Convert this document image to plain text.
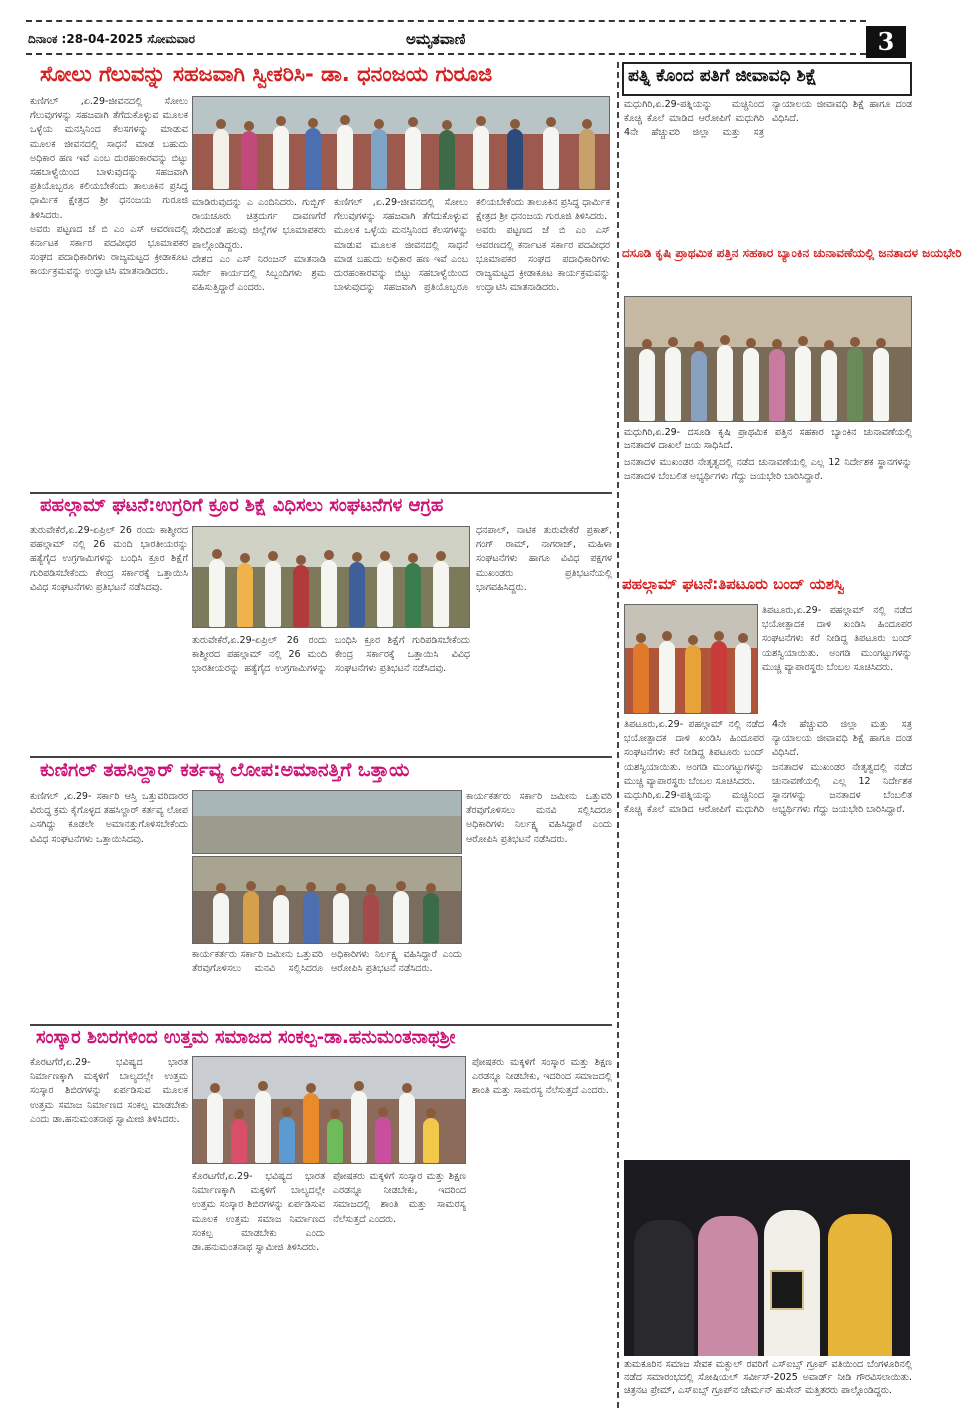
ದಿನಾಂಕ :28-04-2025 ಸೋಮವಾರ	ಅಮೃತವಾಣಿ	3
ಸೋಲು ಗೆಲುವನ್ನು ಸಹಜವಾಗಿ ಸ್ವೀಕರಿಸಿ- ಡಾ. ಧನಂಜಯ ಗುರೂಜಿ

ಕುಣಿಗಲ್ ,ಏ.29-ಜೀವನದಲ್ಲಿ ಸೋಲು ಗೆಲುವುಗಳನ್ನು ಸಹಜವಾಗಿ ತೆಗೆದುಕೊಳ್ಳುವ ಮೂಲಕ ಒಳ್ಳೆಯ ಮನಸ್ಸಿನಿಂದ ಕೆಲಸಗಳನ್ನು ಮಾಡುವ ಮೂಲಕ ಜೀವನದಲ್ಲಿ ಸಾಧನೆ ಮಾಡ ಬಹುದು ಅಧಿಕಾರ ಹಣ ಇವೆ ಎಂಬ ದುರಹಂಕಾರವನ್ನು ಬಿಟ್ಟು ಸಹಬಾಳ್ವೆಯಿಂದ ಬಾಳುವುದನ್ನು ಸಹಜವಾಗಿ ಪ್ರತಿಯೊಬ್ಬರೂ ಕಲಿಯಬೇಕೆಂದು ತಾಲೂಕಿನ ಪ್ರಸಿದ್ಧ ಧಾರ್ಮಿಕ ಕ್ಷೇತ್ರದ ಶ್ರೀ ಧನಂಜಯ ಗುರೂಜಿ ತಿಳಿಸಿದರು.

ಅವರು ಪಟ್ಟಣದ ಜೆ ಬಿ ಎಂ ಎಸ್ ಆವರಣದಲ್ಲಿ ಕರ್ನಾಟಕ ಸರ್ಕಾರ ಪದವೀಧರ ಭೂಮಾಪಕರ ಸಂಘದ ಪದಾಧಿಕಾರಿಗಳು ರಾಜ್ಯಮಟ್ಟದ ಕ್ರೀಡಾಕೂಟ ಕಾರ್ಯಕ್ರಮವನ್ನು ಉದ್ಘಾಟಿಸಿ ಮಾತನಾಡಿದರು.

ಮಾಡಿರುವುದನ್ನು ಎ ಎಂದಿನಿದರು. ಗುಬ್ಬಿಗ್ ರಾಯಚೂರು ಚಿತ್ರದುರ್ಗ ದಾವಣಗೆರೆ ಸೇರಿದಂತೆ ಹಲವು ಜಿಲ್ಲೆಗಳ ಭೂಮಾಪಕರು ಪಾಲ್ಗೊಂಡಿದ್ದರು.

ದೇಶದ ಎಂ ಎಸ್ ನಿರಂಜನ್ ಮಾತನಾಡಿ ಸರ್ವೇ ಕಾರ್ಯದಲ್ಲಿ ಸಿಬ್ಬಂದಿಗಳು ಶ್ರಮ ವಹಿಸುತ್ತಿದ್ದಾರೆ ಎಂದರು.

ಕುಣಿಗಲ್ ,ಏ.29-ಜೀವನದಲ್ಲಿ ಸೋಲು ಗೆಲುವುಗಳನ್ನು ಸಹಜವಾಗಿ ತೆಗೆದುಕೊಳ್ಳುವ ಮೂಲಕ ಒಳ್ಳೆಯ ಮನಸ್ಸಿನಿಂದ ಕೆಲಸಗಳನ್ನು ಮಾಡುವ ಮೂಲಕ ಜೀವನದಲ್ಲಿ ಸಾಧನೆ ಮಾಡ ಬಹುದು ಅಧಿಕಾರ ಹಣ ಇವೆ ಎಂಬ ದುರಹಂಕಾರವನ್ನು ಬಿಟ್ಟು ಸಹಬಾಳ್ವೆಯಿಂದ ಬಾಳುವುದನ್ನು ಸಹಜವಾಗಿ ಪ್ರತಿಯೊಬ್ಬರೂ ಕಲಿಯಬೇಕೆಂದು ತಾಲೂಕಿನ ಪ್ರಸಿದ್ಧ ಧಾರ್ಮಿಕ ಕ್ಷೇತ್ರದ ಶ್ರೀ ಧನಂಜಯ ಗುರೂಜಿ ತಿಳಿಸಿದರು.

ಅವರು ಪಟ್ಟಣದ ಜೆ ಬಿ ಎಂ ಎಸ್ ಆವರಣದಲ್ಲಿ ಕರ್ನಾಟಕ ಸರ್ಕಾರ ಪದವೀಧರ ಭೂಮಾಪಕರ ಸಂಘದ ಪದಾಧಿಕಾರಿಗಳು ರಾಜ್ಯಮಟ್ಟದ ಕ್ರೀಡಾಕೂಟ ಕಾರ್ಯಕ್ರಮವನ್ನು ಉದ್ಘಾಟಿಸಿ ಮಾತನಾಡಿದರು.

ಪಹಲ್ಗಾಮ್ ಘಟನೆ:ಉಗ್ರರಿಗೆ ಕ್ರೂರ ಶಿಕ್ಷೆ ವಿಧಿಸಲು ಸಂಘಟನೆಗಳ ಆಗ್ರಹ

ತುರುವೇಕೆರೆ,ಏ.29-ಏಪ್ರಿಲ್ 26 ರಂದು ಕಾಶ್ಮೀರದ ಪಹಲ್ಗಾಮ್ ನಲ್ಲಿ 26 ಮಂದಿ ಭಾರತೀಯರನ್ನು ಹತ್ಯೆಗೈದ ಉಗ್ರಗಾಮಿಗಳನ್ನು ಬಂಧಿಸಿ ಕ್ರೂರ ಶಿಕ್ಷೆಗೆ ಗುರಿಪಡಿಸಬೇಕೆಂದು ಕೇಂದ್ರ ಸರ್ಕಾರಕ್ಕೆ ಒತ್ತಾಯಿಸಿ ವಿವಿಧ ಸಂಘಟನೆಗಳು ಪ್ರತಿಭಟನೆ ನಡೆಸಿದವು.

ಧನಪಾಲ್, ನಾಟಿಕ ತುರುವೇಕೆರೆ ಪ್ರಕಾಶ್, ಗಂಗ್ ರಾಮ್, ನಾಗರಾಜ್, ಮಹಿಳಾ ಸಂಘಟನೆಗಳು ಹಾಗೂ ವಿವಿಧ ಪಕ್ಷಗಳ ಮುಖಂಡರು ಪ್ರತಿಭಟನೆಯಲ್ಲಿ ಭಾಗವಹಿಸಿದ್ದರು.

ತುರುವೇಕೆರೆ,ಏ.29-ಏಪ್ರಿಲ್ 26 ರಂದು ಕಾಶ್ಮೀರದ ಪಹಲ್ಗಾಮ್ ನಲ್ಲಿ 26 ಮಂದಿ ಭಾರತೀಯರನ್ನು ಹತ್ಯೆಗೈದ ಉಗ್ರಗಾಮಿಗಳನ್ನು ಬಂಧಿಸಿ ಕ್ರೂರ ಶಿಕ್ಷೆಗೆ ಗುರಿಪಡಿಸಬೇಕೆಂದು ಕೇಂದ್ರ ಸರ್ಕಾರಕ್ಕೆ ಒತ್ತಾಯಿಸಿ ವಿವಿಧ ಸಂಘಟನೆಗಳು ಪ್ರತಿಭಟನೆ ನಡೆಸಿದವು.

ಕುಣಿಗಲ್ ತಹಸಿಲ್ದಾರ್ ಕರ್ತವ್ಯ ಲೋಪ:ಅಮಾನತ್ತಿಗೆ ಒತ್ತಾಯ

ಕುಣಿಗಲ್ ,ಏ.29- ಸರ್ಕಾರಿ ಆಸ್ತಿ ಒತ್ತುವರಿದಾರರ ವಿರುದ್ಧ ಕ್ರಮ ಕೈಗೊಳ್ಳದ ತಹಸಿಲ್ದಾರ್ ಕರ್ತವ್ಯ ಲೋಪ ಎಸಗಿದ್ದು ಕೂಡಲೇ ಅಮಾನತ್ತುಗೊಳಿಸಬೇಕೆಂದು ವಿವಿಧ ಸಂಘಟನೆಗಳು ಒತ್ತಾಯಿಸಿದವು.

ಕಾರ್ಯಕರ್ತರು ಸರ್ಕಾರಿ ಜಮೀನು ಒತ್ತುವರಿ ತೆರವುಗೊಳಿಸಲು ಮನವಿ ಸಲ್ಲಿಸಿದರೂ ಅಧಿಕಾರಿಗಳು ನಿರ್ಲಕ್ಷ್ಯ ವಹಿಸಿದ್ದಾರೆ ಎಂದು ಆರೋಪಿಸಿ ಪ್ರತಿಭಟನೆ ನಡೆಸಿದರು.

ಕಾರ್ಯಕರ್ತರು ಸರ್ಕಾರಿ ಜಮೀನು ಒತ್ತುವರಿ ತೆರವುಗೊಳಿಸಲು ಮನವಿ ಸಲ್ಲಿಸಿದರೂ ಅಧಿಕಾರಿಗಳು ನಿರ್ಲಕ್ಷ್ಯ ವಹಿಸಿದ್ದಾರೆ ಎಂದು ಆರೋಪಿಸಿ ಪ್ರತಿಭಟನೆ ನಡೆಸಿದರು.

ಸಂಸ್ಕಾರ ಶಿಬಿರಗಳಿಂದ ಉತ್ತಮ ಸಮಾಜದ ಸಂಕಲ್ಪ-ಡಾ.ಹನುಮಂತನಾಥಶ್ರೀ

ಕೊರಟಗೆರೆ,ಏ.29- ಭವಿಷ್ಯದ ಭಾರತ ನಿರ್ಮಾಣಕ್ಕಾಗಿ ಮಕ್ಕಳಿಗೆ ಬಾಲ್ಯದಲ್ಲೇ ಉತ್ತಮ ಸಂಸ್ಕಾರ ಶಿಬಿರಗಳನ್ನು ಏರ್ಪಡಿಸುವ ಮೂಲಕ ಉತ್ತಮ ಸಮಾಜ ನಿರ್ಮಾಣದ ಸಂಕಲ್ಪ ಮಾಡಬೇಕು ಎಂದು ಡಾ.ಹನುಮಂತನಾಥ ಸ್ವಾಮೀಜಿ ತಿಳಿಸಿದರು.

ಪೋಷಕರು ಮಕ್ಕಳಿಗೆ ಸಂಸ್ಕಾರ ಮತ್ತು ಶಿಕ್ಷಣ ಎರಡನ್ನೂ ನೀಡಬೇಕು, ಇದರಿಂದ ಸಮಾಜದಲ್ಲಿ ಶಾಂತಿ ಮತ್ತು ಸಾಮರಸ್ಯ ನೆಲೆಸುತ್ತದೆ ಎಂದರು.

ಕೊರಟಗೆರೆ,ಏ.29- ಭವಿಷ್ಯದ ಭಾರತ ನಿರ್ಮಾಣಕ್ಕಾಗಿ ಮಕ್ಕಳಿಗೆ ಬಾಲ್ಯದಲ್ಲೇ ಉತ್ತಮ ಸಂಸ್ಕಾರ ಶಿಬಿರಗಳನ್ನು ಏರ್ಪಡಿಸುವ ಮೂಲಕ ಉತ್ತಮ ಸಮಾಜ ನಿರ್ಮಾಣದ ಸಂಕಲ್ಪ ಮಾಡಬೇಕು ಎಂದು ಡಾ.ಹನುಮಂತನಾಥ ಸ್ವಾಮೀಜಿ ತಿಳಿಸಿದರು.

ಪೋಷಕರು ಮಕ್ಕಳಿಗೆ ಸಂಸ್ಕಾರ ಮತ್ತು ಶಿಕ್ಷಣ ಎರಡನ್ನೂ ನೀಡಬೇಕು, ಇದರಿಂದ ಸಮಾಜದಲ್ಲಿ ಶಾಂತಿ ಮತ್ತು ಸಾಮರಸ್ಯ ನೆಲೆಸುತ್ತದೆ ಎಂದರು.

ಪತ್ನಿ ಕೊಂದ ಪತಿಗೆ ಜೀವಾವಧಿ ಶಿಕ್ಷೆ

ಮಧುಗಿರಿ,ಏ.29-ಪತ್ನಿಯನ್ನು ಮಚ್ಚಿನಿಂದ ಕೊಚ್ಚಿ ಕೊಲೆ ಮಾಡಿದ ಆರೋಪಿಗೆ ಮಧುಗಿರಿ 4ನೇ ಹೆಚ್ಚುವರಿ ಜಿಲ್ಲಾ ಮತ್ತು ಸತ್ರ ನ್ಯಾಯಾಲಯ ಜೀವಾವಧಿ ಶಿಕ್ಷೆ ಹಾಗೂ ದಂಡ ವಿಧಿಸಿದೆ.

ದಸೂಡಿ ಕೃಷಿ ಪ್ರಾಥಮಿಕ ಪತ್ತಿನ ಸಹಕಾರ ಬ್ಯಾಂಕಿನ ಚುನಾವಣೆಯಲ್ಲಿ ಜನತಾದಳ ಜಯಭೇರಿ
ಮಧುಗಿರಿ,ಏ.29- ದಸೂಡಿ ಕೃಷಿ ಪ್ರಾಥಮಿಕ ಪತ್ತಿನ ಸಹಕಾರ ಬ್ಯಾಂಕಿನ ಚುನಾವಣೆಯಲ್ಲಿ ಜನತಾದಳ ದಾಖಲೆ ಜಯ ಸಾಧಿಸಿದೆ.

ಜನತಾದಳ ಮುಖಂಡರ ನೇತೃತ್ವದಲ್ಲಿ ನಡೆದ ಚುನಾವಣೆಯಲ್ಲಿ ಎಲ್ಲ 12 ನಿರ್ದೇಶಕ ಸ್ಥಾನಗಳನ್ನು ಜನತಾದಳ ಬೆಂಬಲಿತ ಅಭ್ಯರ್ಥಿಗಳು ಗೆದ್ದು ಜಯಭೇರಿ ಬಾರಿಸಿದ್ದಾರೆ.

ಪಹಲ್ಗಾಮ್ ಘಟನೆ:ತಿಪಟೂರು ಬಂದ್ ಯಶಸ್ವಿ

ತಿಪಟೂರು,ಏ.29- ಪಹಲ್ಗಾಮ್ ನಲ್ಲಿ ನಡೆದ ಭಯೋತ್ಪಾದಕ ದಾಳಿ ಖಂಡಿಸಿ ಹಿಂದೂಪರ ಸಂಘಟನೆಗಳು ಕರೆ ನೀಡಿದ್ದ ತಿಪಟೂರು ಬಂದ್ ಯಶಸ್ವಿಯಾಯಿತು. ಅಂಗಡಿ ಮುಂಗಟ್ಟುಗಳನ್ನು ಮುಚ್ಚಿ ವ್ಯಾಪಾರಸ್ಥರು ಬೆಂಬಲ ಸೂಚಿಸಿದರು.

ತಿಪಟೂರು,ಏ.29- ಪಹಲ್ಗಾಮ್ ನಲ್ಲಿ ನಡೆದ ಭಯೋತ್ಪಾದಕ ದಾಳಿ ಖಂಡಿಸಿ ಹಿಂದೂಪರ ಸಂಘಟನೆಗಳು ಕರೆ ನೀಡಿದ್ದ ತಿಪಟೂರು ಬಂದ್ ಯಶಸ್ವಿಯಾಯಿತು. ಅಂಗಡಿ ಮುಂಗಟ್ಟುಗಳನ್ನು ಮುಚ್ಚಿ ವ್ಯಾಪಾರಸ್ಥರು ಬೆಂಬಲ ಸೂಚಿಸಿದರು.

ಮಧುಗಿರಿ,ಏ.29-ಪತ್ನಿಯನ್ನು ಮಚ್ಚಿನಿಂದ ಕೊಚ್ಚಿ ಕೊಲೆ ಮಾಡಿದ ಆರೋಪಿಗೆ ಮಧುಗಿರಿ 4ನೇ ಹೆಚ್ಚುವರಿ ಜಿಲ್ಲಾ ಮತ್ತು ಸತ್ರ ನ್ಯಾಯಾಲಯ ಜೀವಾವಧಿ ಶಿಕ್ಷೆ ಹಾಗೂ ದಂಡ ವಿಧಿಸಿದೆ.

ಜನತಾದಳ ಮುಖಂಡರ ನೇತೃತ್ವದಲ್ಲಿ ನಡೆದ ಚುನಾವಣೆಯಲ್ಲಿ ಎಲ್ಲ 12 ನಿರ್ದೇಶಕ ಸ್ಥಾನಗಳನ್ನು ಜನತಾದಳ ಬೆಂಬಲಿತ ಅಭ್ಯರ್ಥಿಗಳು ಗೆದ್ದು ಜಯಭೇರಿ ಬಾರಿಸಿದ್ದಾರೆ.

ತುಮಕೂರಿನ ಸಮಾಜ ಸೇವಕ ಮಕ್ಬುಲ್ ರವರಿಗೆ ಎಸ್ಐಬ್ಸ್ ಗ್ರೂಪ್ ವತಿಯಿಂದ ಬೆಂಗಳೂರಿನಲ್ಲಿ ನಡೆದ ಸಮಾರಂಭದಲ್ಲಿ ಸೋಷಿಯಲ್ ಸರ್ವೀಸ್-2025 ಅವಾರ್ಡ್ ನೀಡಿ ಗೌರವಿಸಲಾಯಿತು. ಚಿತ್ರನಟ ಪ್ರೇಮ್, ಎಸ್ಐಬ್ಸ್ ಗ್ರೂಪ್‌ನ ಚೇರ್ಮನ್ ಹುಸೇನ್ ಮತ್ತಿತರರು ಪಾಲ್ಗೊಂಡಿದ್ದರು.
